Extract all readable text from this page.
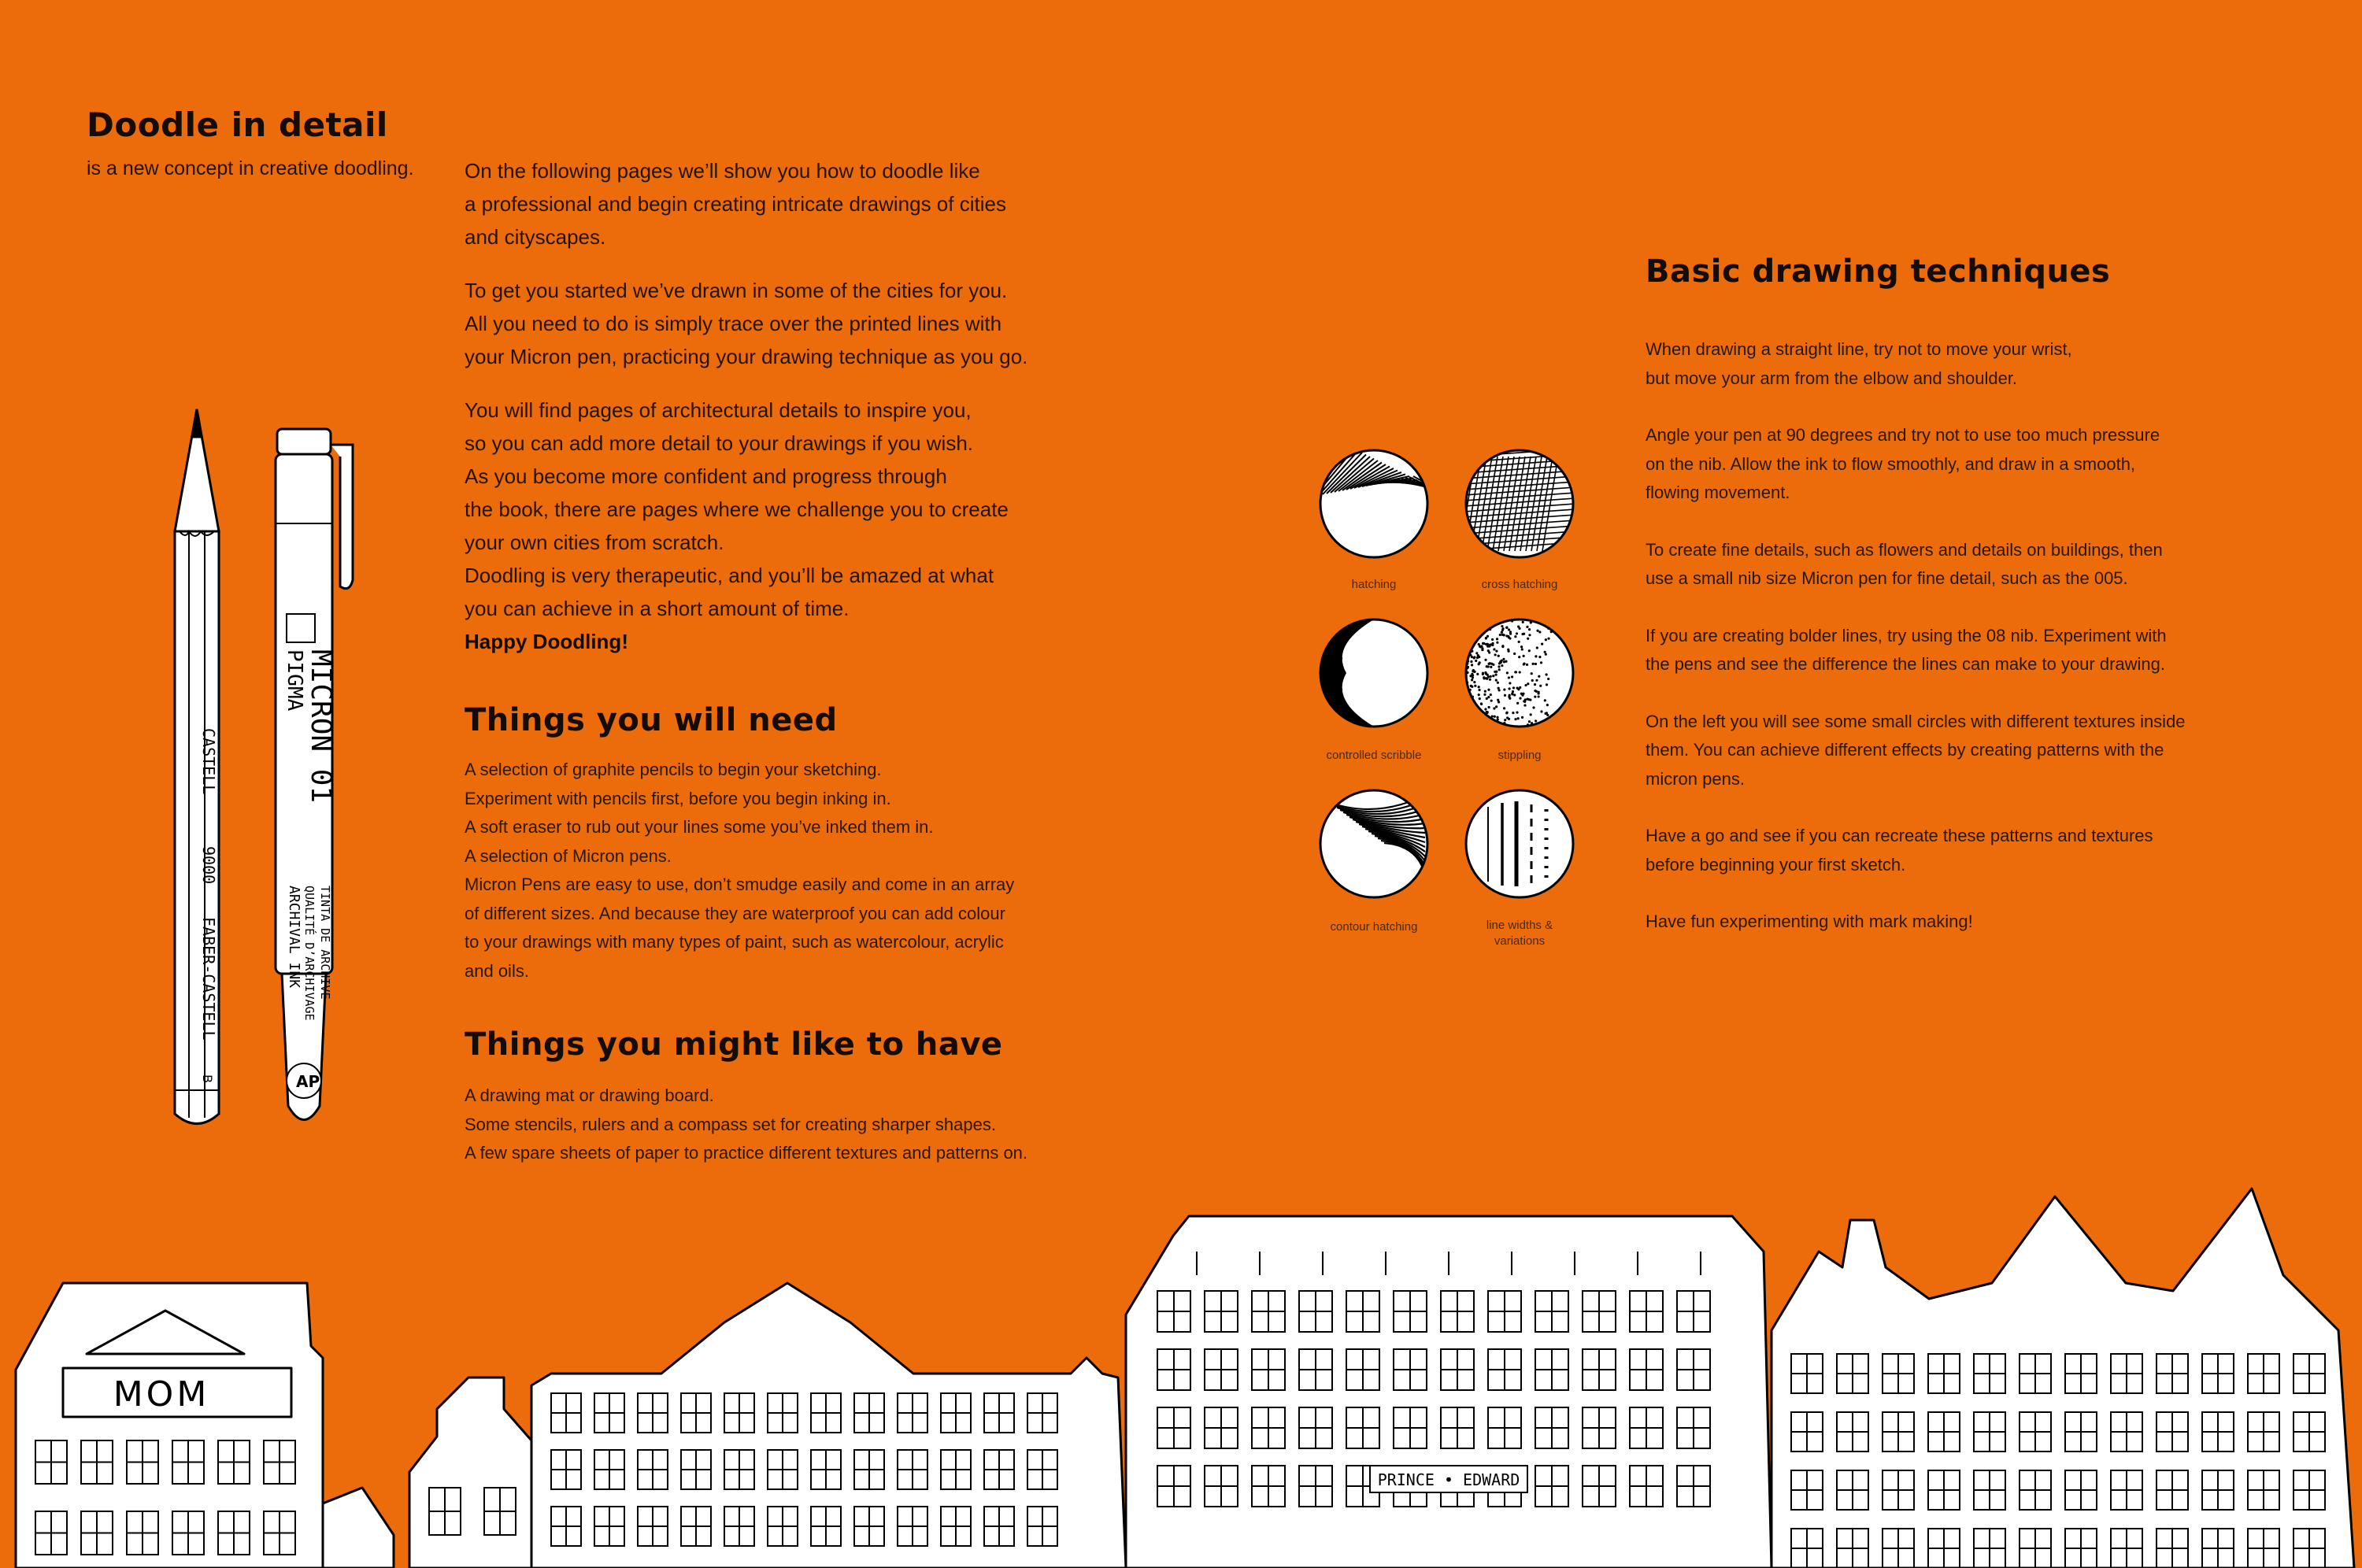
Doodle in detail
is a new concept in creative doodling. On the following pages we’ll show you how to doodle like

a professional and begin creating intricate drawings of cities

and cityscapes.

To get you started we’ve drawn in some of the cities for you.

All you need to do is simply trace over the printed lines with

your Micron pen, practicing your drawing technique as you go.

You will find pages of architectural details to inspire you,

so you can add more detail to your drawings if you wish.

As you become more confident and progress through

the book, there are pages where we challenge you to create

your own cities from scratch.

Doodling is very therapeutic, and you’ll be amazed at what

you can achieve in a short amount of time.

Happy Doodling!

Things you will need
A selection of graphite pencils to begin your sketching.
Experiment with pencils first, before you begin inking in.
A soft eraser to rub out your lines some you’ve inked them in.
A selection of Micron pens.
Micron Pens are easy to use, don’t smudge easily and come in an array
of different sizes. And because they are waterproof you can add colour
to your drawings with many types of paint, such as watercolour, acrylic
and oils.
Things you might like to have
A drawing mat or drawing board.
Some stencils, rulers and a compass set for creating sharper shapes.
A few spare sheets of paper to practice different textures and patterns on.
CASTELL
9000
FABER-CASTELL
B
PIGMA
MICRON 01
ARCHIVAL INK QUALITÉ D’ARCHIVAGE TINTA DE ARCHIVE
AP
hatching	cross hatching
controlled scribble	stippling
contour hatching	line widths &
variations
Basic drawing techniques

When drawing a straight line, try not to move your wrist,
but move your arm from the elbow and shoulder.

Angle your pen at 90 degrees and try not to use too much pressure
on the nib. Allow the ink to flow smoothly, and draw in a smooth,
flowing movement.

To create fine details, such as flowers and details on buildings, then
use a small nib size Micron pen for fine detail, such as the 005.

If you are creating bolder lines, try using the 08 nib. Experiment with
the pens and see the difference the lines can make to your drawing.

On the left you will see some small circles with different textures inside
them. You can achieve different effects by creating patterns with the
micron pens.

Have a go and see if you can recreate these patterns and textures
before beginning your first sketch.

Have fun experimenting with mark making!

MOM
PRINCE • EDWARD
